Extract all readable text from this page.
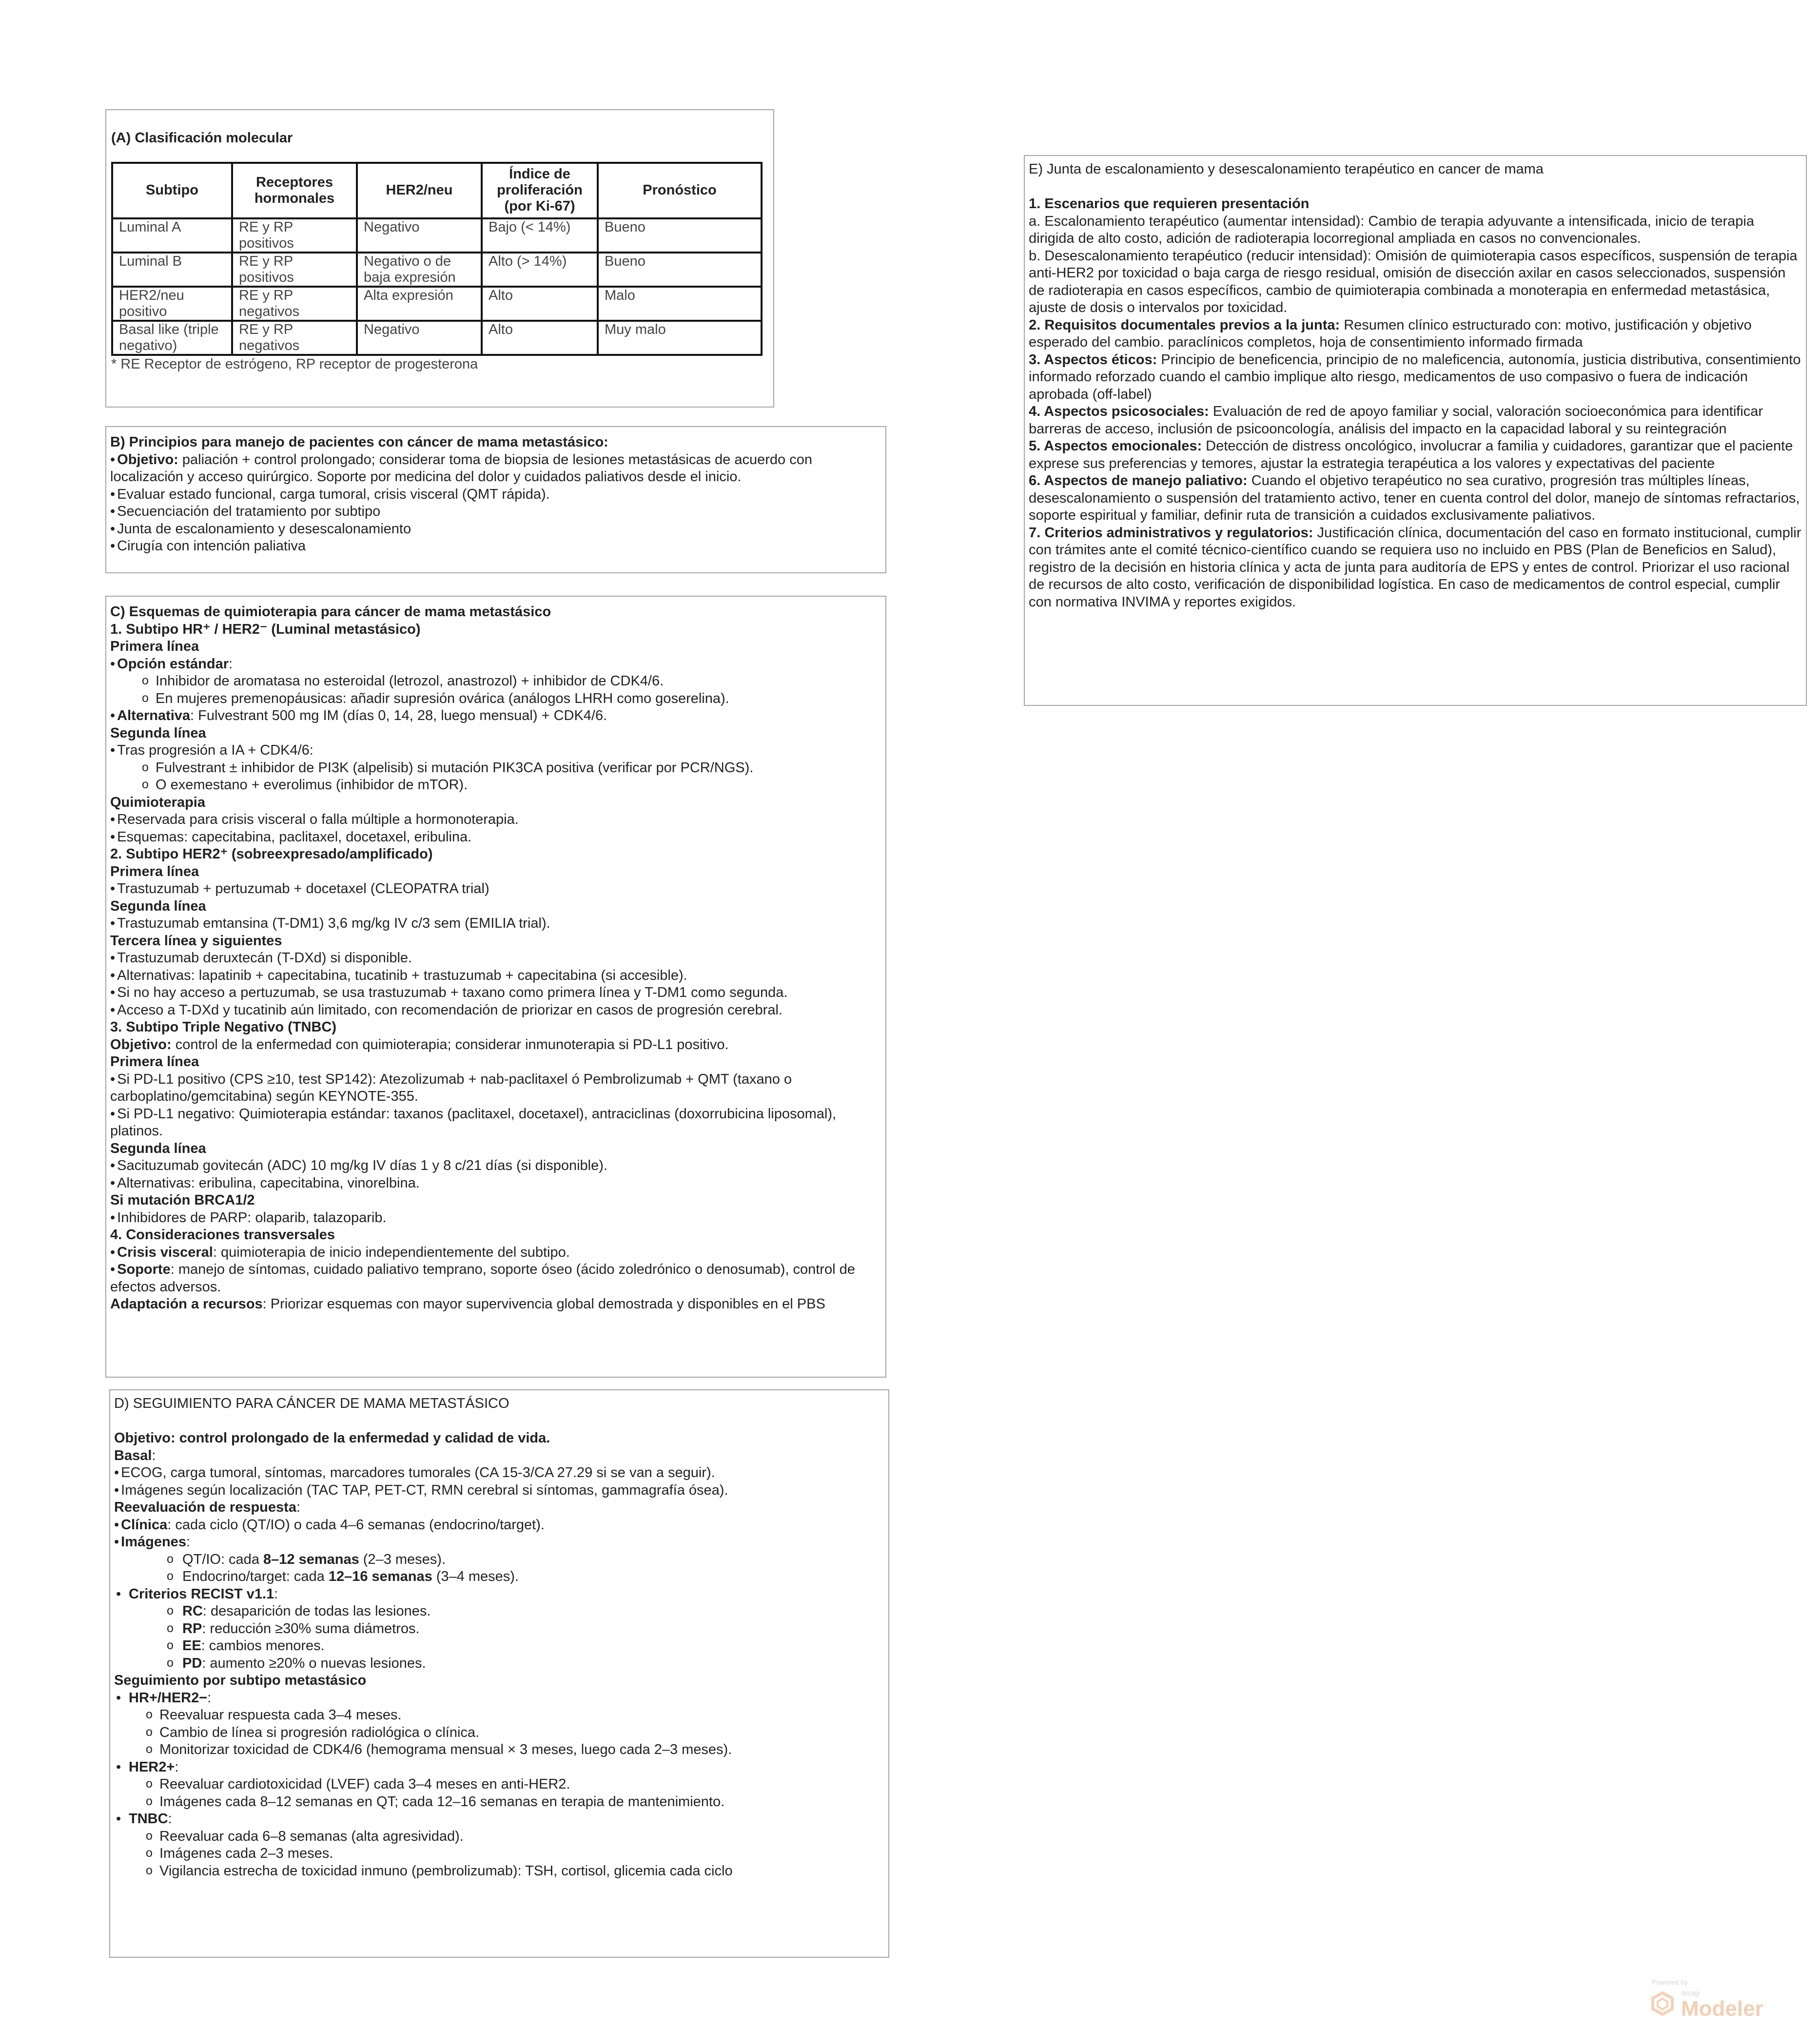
(A) Clasificación molecular
Subtipo	Receptores hormonales	HER2/neu	Índice de proliferación (por Ki-67)	Pronóstico
Luminal A	RE y RP positivos	Negativo	Bajo (< 14%)	Bueno
Luminal B	RE y RP positivos	Negativo o de baja expresión	Alto (> 14%)	Bueno
HER2/neu positivo	RE y RP negativos	Alta expresión	Alto	Malo
Basal like (triple negativo)	RE y RP negativos	Negativo	Alto	Muy malo
* RE Receptor de estrógeno, RP receptor de progesterona
B) Principios para manejo de pacientes con cáncer de mama metastásico:
• Objetivo: paliación + control prolongado; considerar toma de biopsia de lesiones metastásicas de acuerdo con localización y acceso quirúrgico. Soporte por medicina del dolor y cuidados paliativos desde el inicio.
• Evaluar estado funcional, carga tumoral, crisis visceral (QMT rápida).
• Secuenciación del tratamiento por subtipo
• Junta de escalonamiento y desescalonamiento
• Cirugía con intención paliativa
C) Esquemas de quimioterapia para cáncer de mama metastásico
1. Subtipo HR⁺ / HER2⁻ (Luminal metastásico)
Primera línea
• Opción estándar:
o Inhibidor de aromatasa no esteroidal (letrozol, anastrozol) + inhibidor de CDK4/6.
o En mujeres premenopáusicas: añadir supresión ovárica (análogos LHRH como goserelina).
• Alternativa: Fulvestrant 500 mg IM (días 0, 14, 28, luego mensual) + CDK4/6.
Segunda línea
• Tras progresión a IA + CDK4/6:
o Fulvestrant ± inhibidor de PI3K (alpelisib) si mutación PIK3CA positiva (verificar por PCR/NGS).
o O exemestano + everolimus (inhibidor de mTOR).
Quimioterapia
• Reservada para crisis visceral o falla múltiple a hormonoterapia.
• Esquemas: capecitabina, paclitaxel, docetaxel, eribulina.
2. Subtipo HER2⁺ (sobreexpresado/amplificado)
Primera línea
• Trastuzumab + pertuzumab + docetaxel (CLEOPATRA trial)
Segunda línea
• Trastuzumab emtansina (T-DM1) 3,6 mg/kg IV c/3 sem (EMILIA trial).
Tercera línea y siguientes
• Trastuzumab deruxtecán (T-DXd) si disponible.
• Alternativas: lapatinib + capecitabina, tucatinib + trastuzumab + capecitabina (si accesible).
• Si no hay acceso a pertuzumab, se usa trastuzumab + taxano como primera línea y T-DM1 como segunda.
• Acceso a T-DXd y tucatinib aún limitado, con recomendación de priorizar en casos de progresión cerebral.
3. Subtipo Triple Negativo (TNBC)
Objetivo: control de la enfermedad con quimioterapia; considerar inmunoterapia si PD-L1 positivo.
Primera línea
• Si PD-L1 positivo (CPS ≥10, test SP142): Atezolizumab + nab-paclitaxel ó Pembrolizumab + QMT (taxano o carboplatino/gemcitabina) según KEYNOTE-355.
• Si PD-L1 negativo: Quimioterapia estándar: taxanos (paclitaxel, docetaxel), antraciclinas (doxorrubicina liposomal), platinos.
Segunda línea
• Sacituzumab govitecán (ADC) 10 mg/kg IV días 1 y 8 c/21 días (si disponible).
• Alternativas: eribulina, capecitabina, vinorelbina.
Si mutación BRCA1/2
• Inhibidores de PARP: olaparib, talazoparib.
4. Consideraciones transversales
• Crisis visceral: quimioterapia de inicio independientemente del subtipo.
• Soporte: manejo de síntomas, cuidado paliativo temprano, soporte óseo (ácido zoledrónico o denosumab), control de efectos adversos.
Adaptación a recursos: Priorizar esquemas con mayor supervivencia global demostrada y disponibles en el PBS
D) SEGUIMIENTO PARA CÁNCER DE MAMA METASTÁSICO
Objetivo: control prolongado de la enfermedad y calidad de vida.
Basal:
• ECOG, carga tumoral, síntomas, marcadores tumorales (CA 15-3/CA 27.29 si se van a seguir).
• Imágenes según localización (TAC TAP, PET-CT, RMN cerebral si síntomas, gammagrafía ósea).
Reevaluación de respuesta:
• Clínica: cada ciclo (QT/IO) o cada 4–6 semanas (endocrino/target).
• Imágenes:
o QT/IO: cada 8–12 semanas (2–3 meses).
o Endocrino/target: cada 12–16 semanas (3–4 meses).
• Criterios RECIST v1.1:
o RC: desaparición de todas las lesiones.
o RP: reducción ≥30% suma diámetros.
o EE: cambios menores.
o PD: aumento ≥20% o nuevas lesiones.
Seguimiento por subtipo metastásico
• HR+/HER2−:
o Reevaluar respuesta cada 3–4 meses.
o Cambio de línea si progresión radiológica o clínica.
o Monitorizar toxicidad de CDK4/6 (hemograma mensual × 3 meses, luego cada 2–3 meses).
• HER2+:
o Reevaluar cardiotoxicidad (LVEF) cada 3–4 meses en anti-HER2.
o Imágenes cada 8–12 semanas en QT; cada 12–16 semanas en terapia de mantenimiento.
• TNBC:
o Reevaluar cada 6–8 semanas (alta agresividad).
o Imágenes cada 2–3 meses.
o Vigilancia estrecha de toxicidad inmuno (pembrolizumab): TSH, cortisol, glicemia cada ciclo
E) Junta de escalonamiento y desescalonamiento terapéutico en cancer de mama
1. Escenarios que requieren presentación
a. Escalonamiento terapéutico (aumentar intensidad): Cambio de terapia adyuvante a intensificada, inicio de terapia dirigida de alto costo, adición de radioterapia locorregional ampliada en casos no convencionales.
b. Desescalonamiento terapéutico (reducir intensidad): Omisión de quimioterapia casos específicos, suspensión de terapia anti-HER2 por toxicidad o baja carga de riesgo residual, omisión de disección axilar en casos seleccionados, suspensión de radioterapia en casos específicos, cambio de quimioterapia combinada a monoterapia en enfermedad metastásica, ajuste de dosis o intervalos por toxicidad.
2. Requisitos documentales previos a la junta: Resumen clínico estructurado con: motivo, justificación y objetivo esperado del cambio. paraclínicos completos, hoja de consentimiento informado firmada
3. Aspectos éticos: Principio de beneficencia, principio de no maleficencia, autonomía, justicia distributiva, consentimiento informado reforzado cuando el cambio implique alto riesgo, medicamentos de uso compasivo o fuera de indicación aprobada (off-label)
4. Aspectos psicosociales: Evaluación de red de apoyo familiar y social, valoración socioeconómica para identificar barreras de acceso, inclusión de psicooncología, análisis del impacto en la capacidad laboral y su reintegración
5. Aspectos emocionales: Detección de distress oncológico, involucrar a familia y cuidadores, garantizar que el paciente exprese sus preferencias y temores, ajustar la estrategia terapéutica a los valores y expectativas del paciente
6. Aspectos de manejo paliativo: Cuando el objetivo terapéutico no sea curativo, progresión tras múltiples líneas, desescalonamiento o suspensión del tratamiento activo, tener en cuenta control del dolor, manejo de síntomas refractarios, soporte espiritual y familiar, definir ruta de transición a cuidados exclusivamente paliativos.
7. Criterios administrativos y regulatorios: Justificación clínica, documentación del caso en formato institucional, cumplir con trámites ante el comité técnico-científico cuando se requiera uso no incluido en PBS (Plan de Beneficios en Salud), registro de la decisión en historia clínica y acta de junta para auditoría de EPS y entes de control. Priorizar el uso racional de recursos de alto costo, verificación de disponibilidad logística. En caso de medicamentos de control especial, cumplir con normativa INVIMA y reportes exigidos.
Powered by
bizagi
Modeler
